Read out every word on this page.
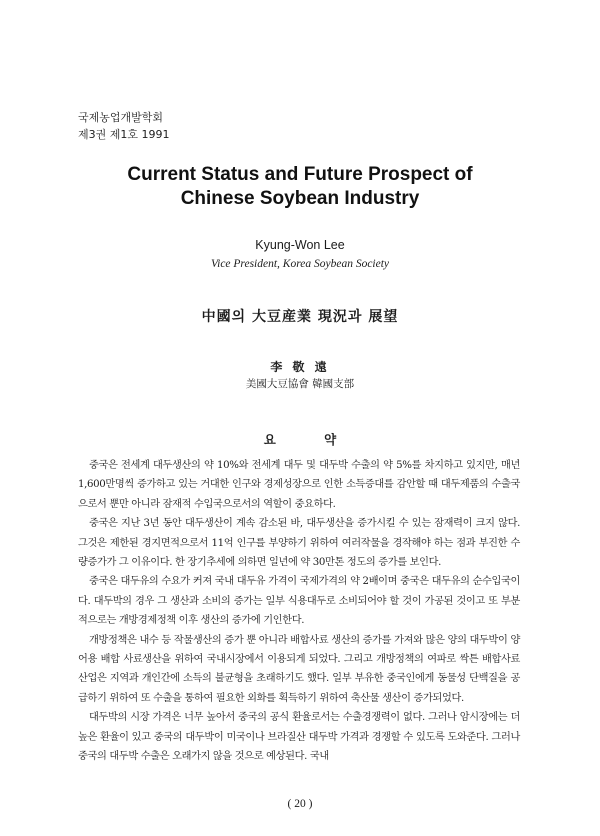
국제농업개발학회
제3권 제1호 1991
Current Status and Future Prospect of
Chinese Soybean Industry
Kyung-Won Lee
Vice President, Korea Soybean Society
中國의 大豆産業 現況과 展望
李 敬 遠
美國大豆協會 韓國支部
요 약

중국은 전세계 대두생산의 약 10%와 전세계 대두 및 대두박 수출의 약 5%를 차지하고 있지만, 매년 1,600만명씩 증가하고 있는 거대한 인구와 경제성장으로 인한 소득증대를 감안할 때 대두제품의 수출국으로서 뿐만 아니라 잠재적 수입국으로서의 역할이 중요하다.

중국은 지난 3년 동안 대두생산이 계속 감소된 바, 대두생산을 증가시킬 수 있는 잠재력이 크지 않다. 그것은 제한된 경지면적으로서 11억 인구를 부양하기 위하여 여러작물을 경작해야 하는 점과 부진한 수량증가가 그 이유이다. 한 장기추세에 의하면 일년에 약 30만톤 정도의 증가를 보인다.

중국은 대두유의 수요가 커져 국내 대두유 가격이 국제가격의 약 2배이며 중국은 대두유의 순수입국이다. 대두박의 경우 그 생산과 소비의 증가는 일부 식용대두로 소비되어야 할 것이 가공된 것이고 또 부분적으로는 개방경제정책 이후 생산의 증가에 기인한다.

개방정책은 내수 등 작물생산의 증가 뿐 아니라 배합사료 생산의 증가를 가져와 많은 양의 대두박이 양어용 배합 사료생산을 위하여 국내시장에서 이용되게 되었다. 그리고 개방정책의 여파로 싹튼 배합사료산업은 지역과 개인간에 소득의 불균형을 초래하기도 했다. 일부 부유한 중국인에게 동물성 단백질을 공급하기 위하여 또 수출을 통하여 필요한 외화를 획득하기 위하여 축산물 생산이 증가되었다.

대두박의 시장 가격은 너무 높아서 중국의 공식 환율로서는 수출경쟁력이 없다. 그러나 암시장에는 더 높은 환율이 있고 중국의 대두박이 미국이나 브라질산 대두박 가격과 경쟁할 수 있도록 도와준다. 그러나 중국의 대두박 수출은 오래가지 않을 것으로 예상된다. 국내

( 20 )
